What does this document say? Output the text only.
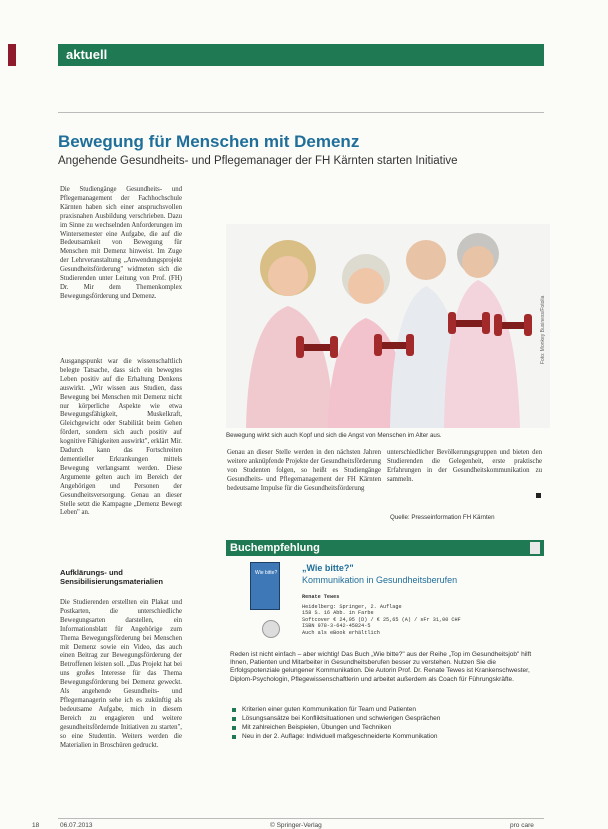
aktuell
Bewegung für Menschen mit Demenz
Angehende Gesundheits- und Pflegemanager der FH Kärnten starten Initiative
Die Studiengänge Gesundheits- und Pflegemanagement der Fachhochschule Kärnten haben sich einer anspruchsvollen praxisnahen Ausbildung verschrieben. Dazu im Sinne zu wechselnden Anforderungen im Wintersemester eine Aufgabe, die auf die Bedeutsamkeit von Bewegung für Menschen mit Demenz hinweist. Im Zuge der Lehrveranstaltung „Anwendungsprojekt Gesundheitsförderung" widmeten sich die Studierenden unter Leitung von Prof. (FH) Dr. Mir dem Themenkomplex Bewegungsförderung und Demenz.
Ausgangspunkt war die wissenschaftlich belegte Tatsache, dass sich ein bewegtes Leben positiv auf die Erhaltung Denkens auswirkt. „Wir wissen aus Studien, dass Bewegung bei Menschen mit Demenz nicht nur körperliche Aspekte wie etwa Bewegungsfähigkeit, Muskelkraft, Gleichgewicht oder Stabilität beim Gehen fördert, sondern sich auch positiv auf kognitive Fähigkeiten auswirkt", erklärt Mir. Dadurch kann das Fortschreiten dementieller Erkrankungen mittels Bewegung verlangsamt werden. Diese Argumente gelten auch im Bereich der Angehörigen und Personen der Gesundheitsversorgung. Genau an dieser Stelle setzt die Kampagne „Demenz Bewegt Leben" an.
Aufklärungs- und Sensibilisierungsmaterialien
Die Studierenden erstellten ein Plakat und Postkarten, die unterschiedliche Bewegungsarten darstellen, ein Informationsblatt für Angehörige zum Thema Bewegungsförderung bei Menschen mit Demenz sowie ein Video, das auch einen Beitrag zur Bewegungsförderung der Betroffenen leisten soll. „Das Projekt hat bei uns großes Interesse für das Thema Bewegungsförderung bei Demenz geweckt. Als angehende Gesundheits- und Pflegemanagerin sehe ich es zukünftig als bedeutsame Aufgabe, mich in diesem Bereich zu engagieren und weitere gesundheitsfördernde Initiativen zu starten", so eine Studentin. Weiters werden die Materialien in Broschüren gedruckt.
Foto: Monkey Business/Fotolia
Bewegung wirkt sich auch Kopf und sich die Angst von Menschen im Alter aus.
Genau an dieser Stelle werden in den nächsten Jahren weitere anknüpfende Projekte der Gesundheitsförderung von Studenten folgen, so heißt es Studiengänge Gesundheits- und Pflegemanagement der FH Kärnten bedeutsame Impulse für die Gesundheitsförderung
unterschiedlicher Bevölkerungsgruppen und bieten den Studierenden die Gelegenheit, erste praktische Erfahrungen in der Gesundheitskommunikation zu sammeln.
Quelle: Presseinformation FH Kärnten
Buchempfehlung
Wie bitte?	„Wie bitte?"
Kommunikation in Gesundheitsberufen
Renate Tewes
Heidelberg: Springer, 2. Auflage
158 S. 16 Abb. in Farbe
Softcover € 24,95 (D) / € 25,65 (A) / sFr 31,00 CHF
ISBN 978-3-642-45824-5
Auch als eBook erhältlich
Reden ist nicht einfach – aber wichtig! Das Buch „Wie bitte?" aus der Reihe „Top im Gesundheitsjob" hilft Ihnen, Patienten und Mitarbeiter in Gesundheitsberufen besser zu verstehen. Nutzen Sie die Erfolgspotenziale gelungener Kommunikation. Die Autorin Prof. Dr. Renate Tewes ist Krankenschwester, Diplom-Psychologin, Pflegewissenschaftlerin und arbeitet außerdem als Coach für Führungskräfte.
Kriterien einer guten Kommunikation für Team und Patienten
Lösungsansätze bei Konfliktsituationen und schwierigen Gesprächen
Mit zahlreichen Beispielen, Übungen und Techniken
Neu in der 2. Auflage: Individuell maßgeschneiderte Kommunikation
18	06.07.2013	© Springer-Verlag	pro care
